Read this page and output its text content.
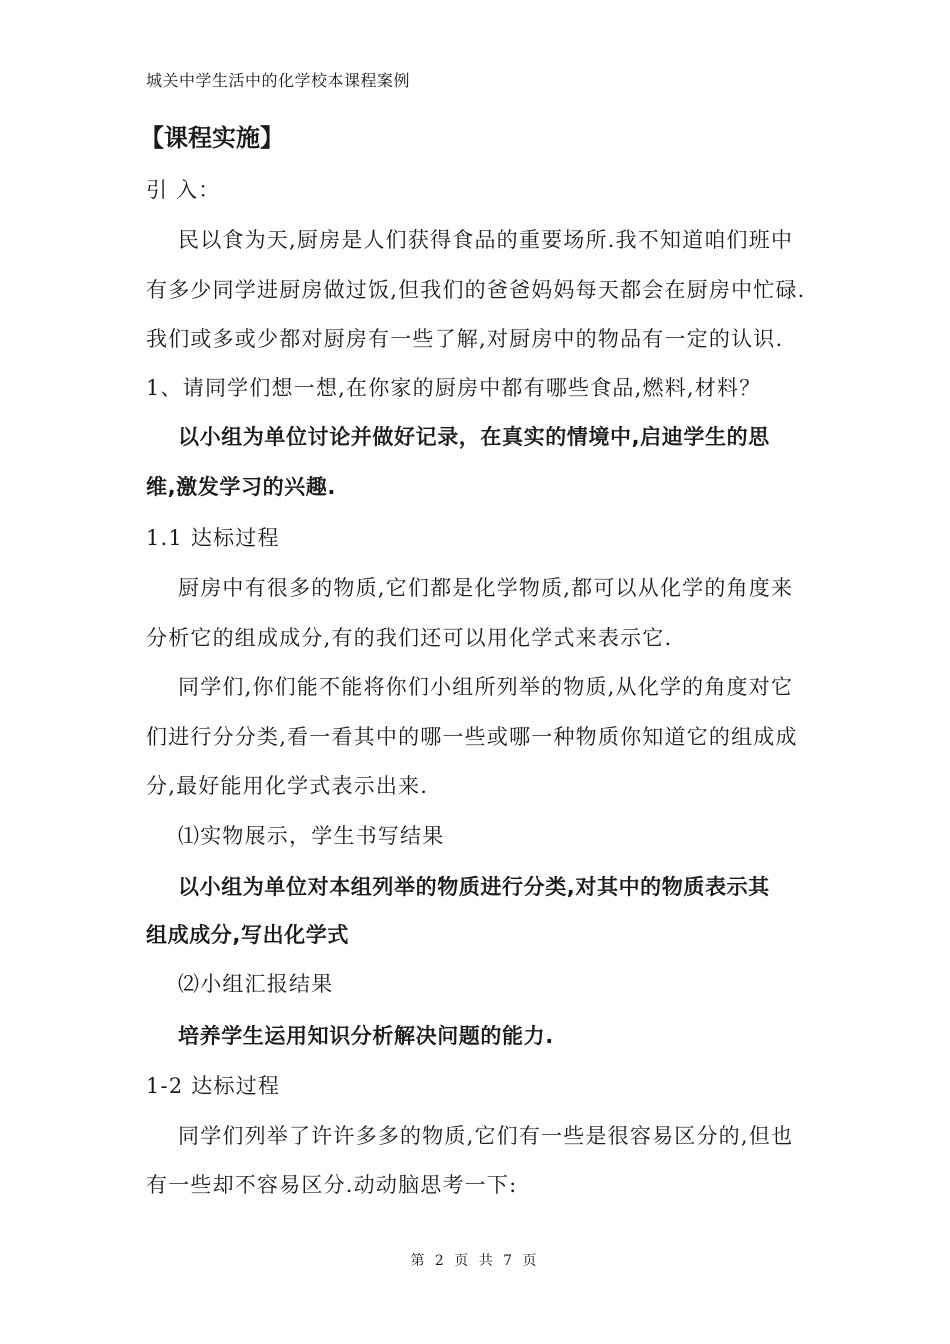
城关中学生活中的化学校本课程案例
【课程实施】
引 入：
民以食为天,厨房是人们获得食品的重要场所.我不知道咱们班中
有多少同学进厨房做过饭,但我们的爸爸妈妈每天都会在厨房中忙碌.
我们或多或少都对厨房有一些了解,对厨房中的物品有一定的认识.
1、请同学们想一想,在你家的厨房中都有哪些食品,燃料,材料？
以小组为单位讨论并做好记录，在真实的情境中,启迪学生的思
维,激发学习的兴趣.
1.1 达标过程
厨房中有很多的物质,它们都是化学物质,都可以从化学的角度来
分析它的组成成分,有的我们还可以用化学式来表示它.
同学们,你们能不能将你们小组所列举的物质,从化学的角度对它
们进行分分类,看一看其中的哪一些或哪一种物质你知道它的组成成
分,最好能用化学式表示出来.
⑴实物展示，学生书写结果
以小组为单位对本组列举的物质进行分类,对其中的物质表示其
组成成分,写出化学式
⑵小组汇报结果
培养学生运用知识分析解决问题的能力.
1-2 达标过程
同学们列举了许许多多的物质,它们有一些是很容易区分的,但也
有一些却不容易区分.动动脑思考一下:
第 2 页 共 7 页
